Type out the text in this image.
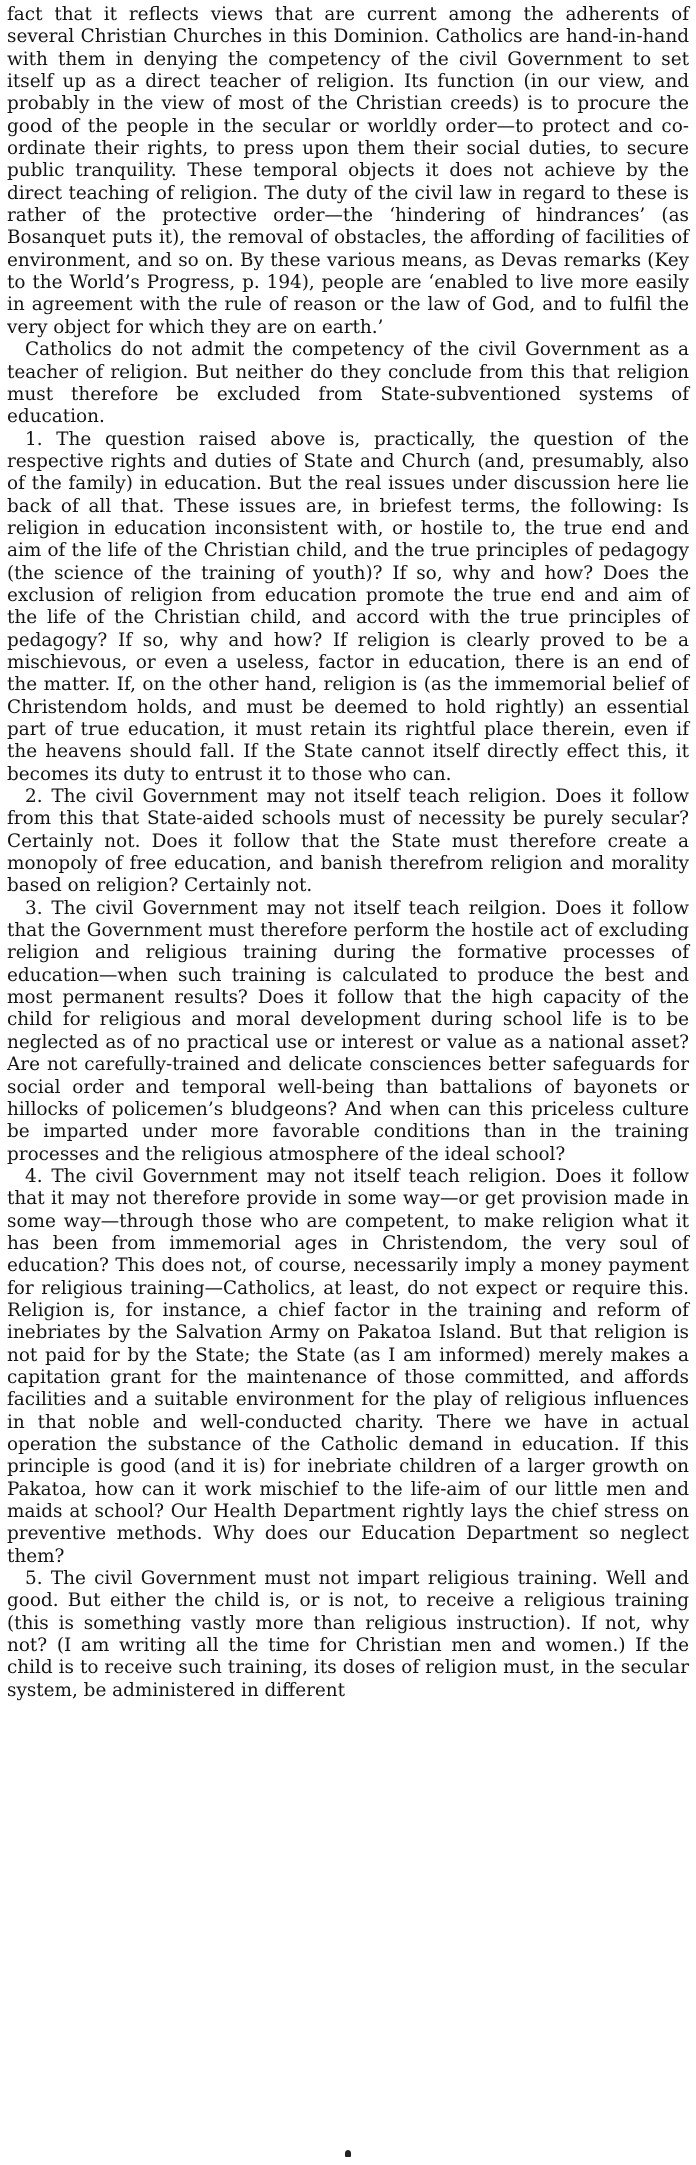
fact that it reflects views that are current among the adherents of several Christian Churches in this Dominion. Catholics are hand-in-hand with them in denying the competency of the civil Government to set itself up as a direct teacher of religion. Its function (in our view, and probably in the view of most of the Christian creeds) is to procure the good of the people in the secular or worldly order—to protect and co-ordinate their rights, to press upon them their social duties, to secure public tranquility. These temporal objects it does not achieve by the direct teaching of religion. The duty of the civil law in regard to these is rather of the protective order—the ‘hindering of hindrances’ (as Bosanquet puts it), the removal of obstacles, the affording of facilities of environment, and so on. By these various means, as Devas remarks (Key to the World’s Progress, p. 194), people are ‘enabled to live more easily in agreement with the rule of reason or the law of God, and to fulfil the very object for which they are on earth.’

Catholics do not admit the competency of the civil Government as a teacher of religion. But neither do they conclude from this that religion must therefore be excluded from State-subventioned systems of education.

1. The question raised above is, practically, the question of the respective rights and duties of State and Church (and, presumably, also of the family) in education. But the real issues under discussion here lie back of all that. These issues are, in briefest terms, the following: Is religion in education inconsistent with, or hostile to, the true end and aim of the life of the Christian child, and the true principles of pedagogy (the science of the training of youth)? If so, why and how? Does the exclusion of religion from education promote the true end and aim of the life of the Christian child, and accord with the true principles of pedagogy? If so, why and how? If religion is clearly proved to be a mischievous, or even a useless, factor in education, there is an end of the matter. If, on the other hand, religion is (as the immemorial belief of Christendom holds, and must be deemed to hold rightly) an essential part of true education, it must retain its rightful place therein, even if the heavens should fall. If the State cannot itself directly effect this, it becomes its duty to entrust it to those who can.

2. The civil Government may not itself teach religion. Does it follow from this that State-aided schools must of necessity be purely secular? Certainly not. Does it follow that the State must therefore create a monopoly of free education, and banish therefrom religion and morality based on religion? Certainly not.

3. The civil Government may not itself teach reilgion. Does it follow that the Government must therefore perform the hostile act of excluding religion and religious training during the formative processes of education—when such training is calculated to produce the best and most permanent results? Does it follow that the high capacity of the child for religious and moral development during school life is to be neglected as of no practical use or interest or value as a national asset? Are not carefully-trained and delicate consciences better safeguards for social order and temporal well-being than battalions of bayonets or hillocks of policemen’s bludgeons? And when can this priceless culture be imparted under more favorable conditions than in the training processes and the religious atmosphere of the ideal school?

4. The civil Government may not itself teach religion. Does it follow that it may not therefore provide in some way—or get provision made in some way—through those who are competent, to make religion what it has been from immemorial ages in Christendom, the very soul of education? This does not, of course, necessarily imply a money payment for religious training—Catholics, at least, do not expect or require this. Religion is, for instance, a chief factor in the training and reform of inebriates by the Salvation Army on Pakatoa Island. But that religion is not paid for by the State; the State (as I am informed) merely makes a capitation grant for the maintenance of those committed, and affords facilities and a suitable environment for the play of religious influences in that noble and well-conducted charity. There we have in actual operation the substance of the Catholic demand in education. If this principle is good (and it is) for inebriate children of a larger growth on Pakatoa, how can it work mischief to the life-aim of our little men and maids at school? Our Health Department rightly lays the chief stress on preventive methods. Why does our Education Department so neglect them?

5. The civil Government must not impart religious training. Well and good. But either the child is, or is not, to receive a religious training (this is something vastly more than religious instruction). If not, why not? (I am writing all the time for Christian men and women.) If the child is to receive such training, its doses of religion must, in the secular system, be administered in different
